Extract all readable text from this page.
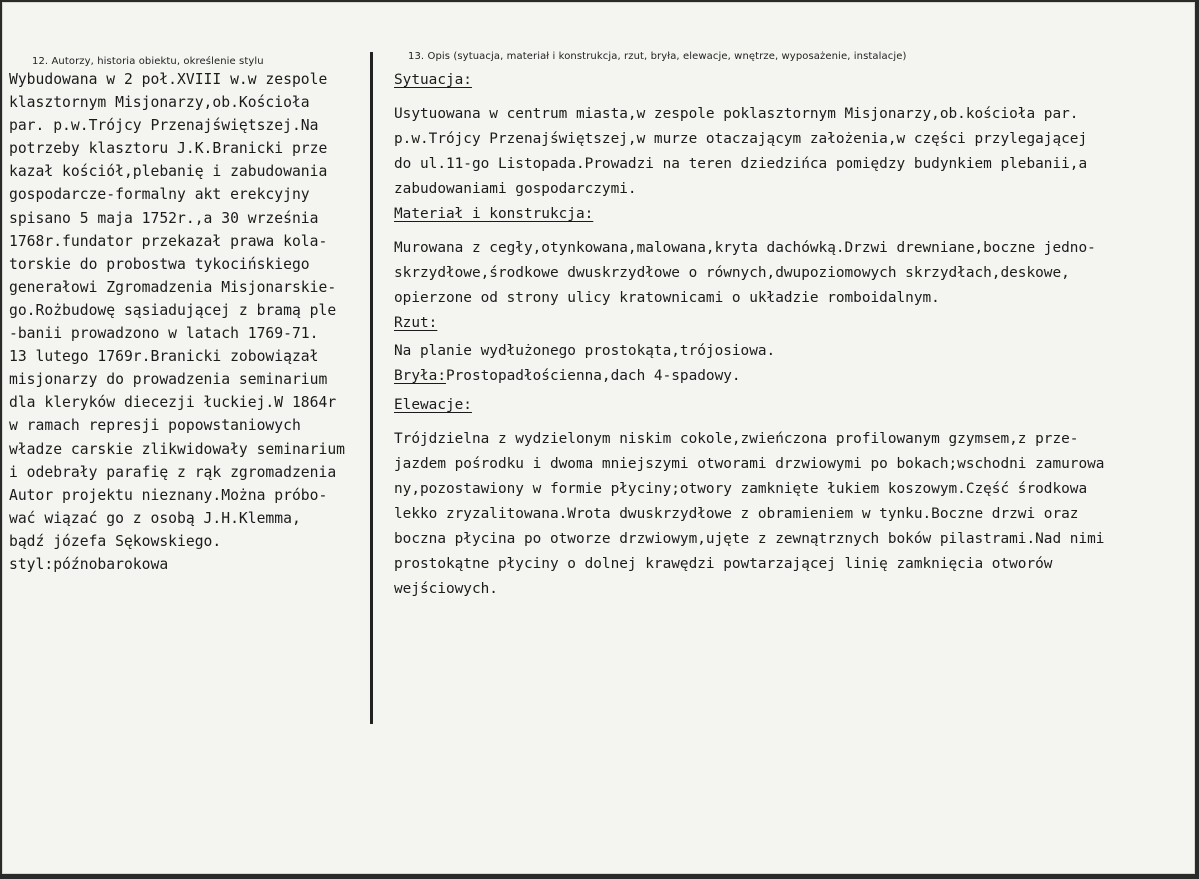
12. Autorzy, historia obiektu, określenie stylu	13. Opis (sytuacja, materiał i konstrukcja, rzut, bryła, elewacje, wnętrze, wyposażenie, instalacje)
Wybudowana w 2 poł.XVIII w.w zespole
klasztornym Misjonarzy,ob.Kościoła
par. p.w.Trójcy Przenajświętszej.Na
potrzeby klasztoru J.K.Branicki prze
kazał kościół,plebanię i zabudowania
gospodarcze-formalny akt erekcyjny
spisano 5 maja 1752r.,a 30 września
1768r.fundator przekazał prawa kola-
torskie do probostwa tykocińskiego
generałowi Zgromadzenia Misjonarskie-
go.Rożbudowę sąsiadującej z bramą ple
-banii prowadzono w latach 1769-71.
13 lutego 1769r.Branicki zobowiązał
misjonarzy do prowadzenia seminarium
dla kleryków diecezji łuckiej.W 1864r
w ramach represji popowstaniowych
władze carskie zlikwidowały seminarium
i odebrały parafię z rąk zgromadzenia
Autor projektu nieznany.Można próbo-
wać wiązać go z osobą J.H.Klemma,
bądź józefa Sękowskiego.
styl:późnobarokowa
Sytuacja:
Usytuowana w centrum miasta,w zespole poklasztornym Misjonarzy,ob.kościoła par.
p.w.Trójcy Przenajświętszej,w murze otaczającym założenia,w części przylegającej
do ul.11-go Listopada.Prowadzi na teren dziedzińca pomiędzy budynkiem plebanii,a
zabudowaniami gospodarczymi.
Materiał i konstrukcja:
Murowana z cegły,otynkowana,malowana,kryta dachówką.Drzwi drewniane,boczne jedno-
skrzydłowe,środkowe dwuskrzydłowe o równych,dwupoziomowych skrzydłach,deskowe,
opierzone od strony ulicy kratownicami o układzie romboidalnym.
Rzut:
Na planie wydłużonego prostokąta,trójosiowa.
Bryła:Prostopadłościenna,dach 4-spadowy.
Elewacje:
Trójdzielna z wydzielonym niskim cokole,zwieńczona profilowanym gzymsem,z prze-
jazdem pośrodku i dwoma mniejszymi otworami drzwiowymi po bokach;wschodni zamurowa
ny,pozostawiony w formie płyciny;otwory zamknięte łukiem koszowym.Część środkowa
lekko zryzalitowana.Wrota dwuskrzydłowe z obramieniem w tynku.Boczne drzwi oraz
boczna płycina po otworze drzwiowym,ujęte z zewnątrznych boków pilastrami.Nad nimi
prostokątne płyciny o dolnej krawędzi powtarzającej linię zamknięcia otworów
wejściowych.
